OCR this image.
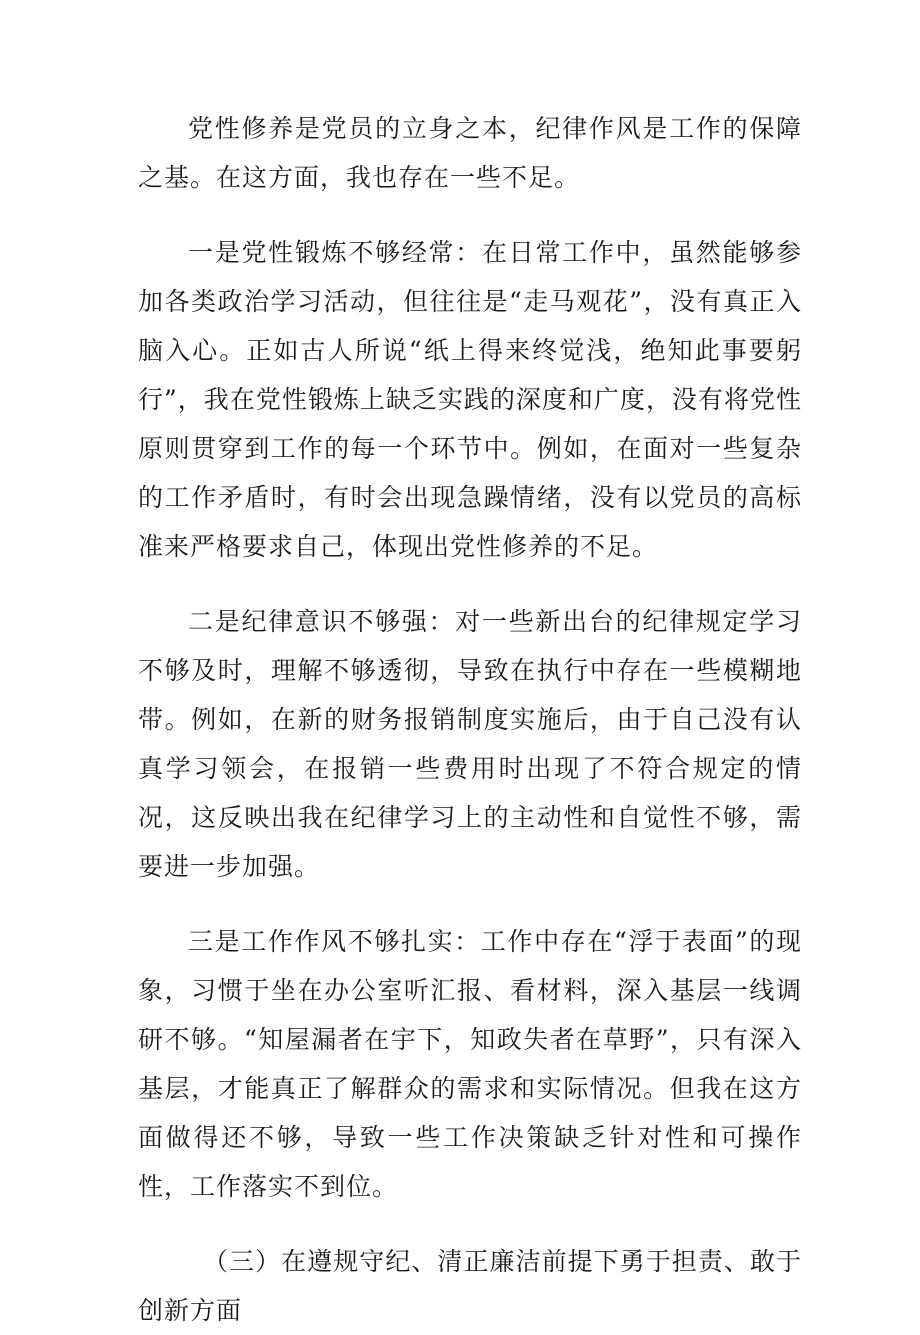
党性修养是党员的立身之本，纪律作风是工作的保障之基。在这方面，我也存在一些不足。

一是党性锻炼不够经常：在日常工作中，虽然能够参加各类政治学习活动，但往往是“走马观花”，没有真正入脑入心。正如古人所说“纸上得来终觉浅，绝知此事要躬行”，我在党性锻炼上缺乏实践的深度和广度，没有将党性原则贯穿到工作的每一个环节中。例如，在面对一些复杂的工作矛盾时，有时会出现急躁情绪，没有以党员的高标准来严格要求自己，体现出党性修养的不足。

二是纪律意识不够强：对一些新出台的纪律规定学习不够及时，理解不够透彻，导致在执行中存在一些模糊地带。例如，在新的财务报销制度实施后，由于自己没有认真学习领会，在报销一些费用时出现了不符合规定的情况，这反映出我在纪律学习上的主动性和自觉性不够，需要进一步加强。

三是工作作风不够扎实：工作中存在“浮于表面”的现象，习惯于坐在办公室听汇报、看材料，深入基层一线调研不够。“知屋漏者在宇下，知政失者在草野”，只有深入基层，才能真正了解群众的需求和实际情况。但我在这方面做得还不够，导致一些工作决策缺乏针对性和可操作性，工作落实不到位。

（三）在遵规守纪、清正廉洁前提下勇于担责、敢于创新方面
